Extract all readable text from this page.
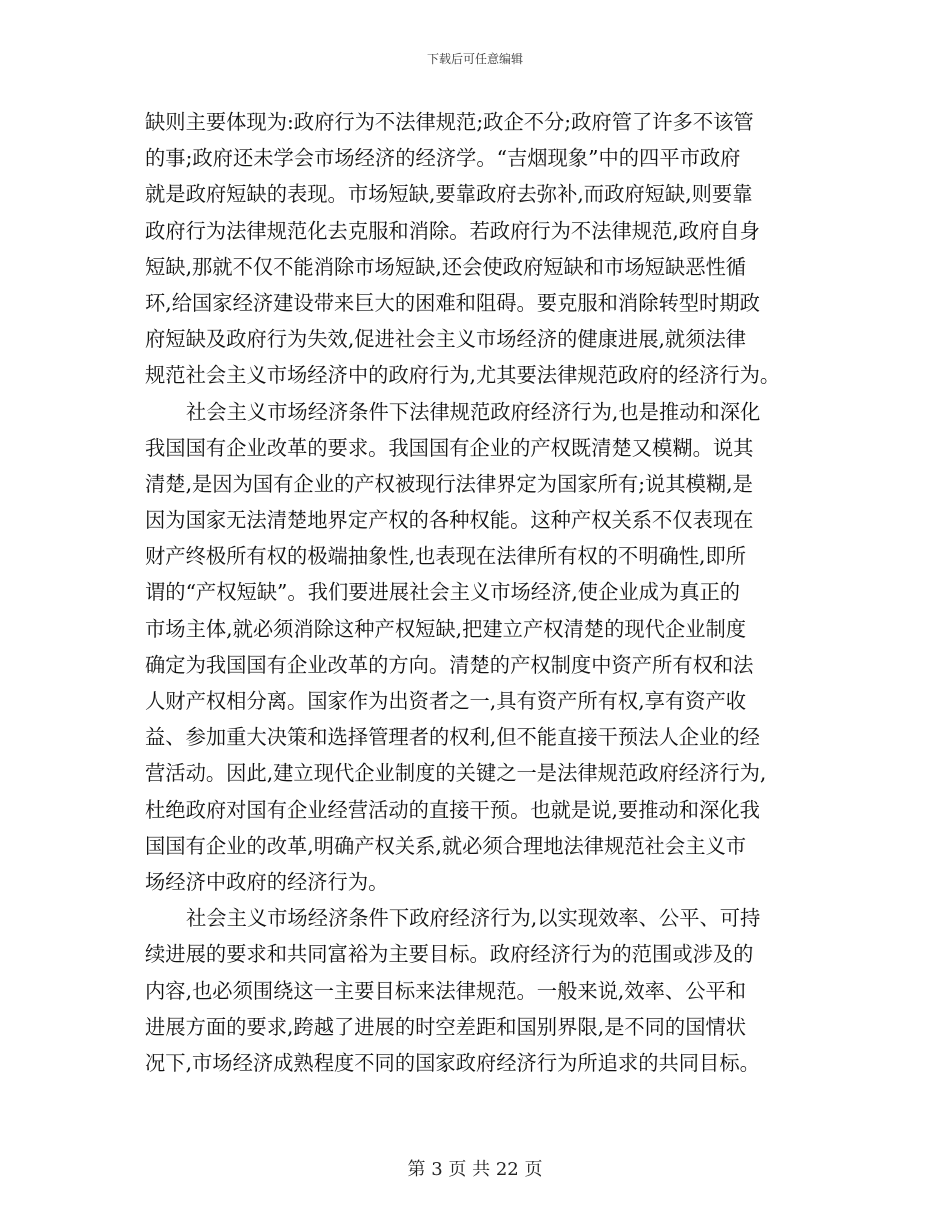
下载后可任意编辑
缺则主要体现为:政府行为不法律规范;政企不分;政府管了许多不该管
的事;政府还未学会市场经济的经济学。“吉烟现象”中的四平市政府
就是政府短缺的表现。市场短缺,要靠政府去弥补,而政府短缺,则要靠
政府行为法律规范化去克服和消除。若政府行为不法律规范,政府自身
短缺,那就不仅不能消除市场短缺,还会使政府短缺和市场短缺恶性循
环,给国家经济建设带来巨大的困难和阻碍。要克服和消除转型时期政
府短缺及政府行为失效,促进社会主义市场经济的健康进展,就须法律
规范社会主义市场经济中的政府行为,尤其要法律规范政府的经济行为。
社会主义市场经济条件下法律规范政府经济行为,也是推动和深化
我国国有企业改革的要求。我国国有企业的产权既清楚又模糊。说其
清楚,是因为国有企业的产权被现行法律界定为国家所有;说其模糊,是
因为国家无法清楚地界定产权的各种权能。这种产权关系不仅表现在
财产终极所有权的极端抽象性,也表现在法律所有权的不明确性,即所
谓的“产权短缺”。我们要进展社会主义市场经济,使企业成为真正的
市场主体,就必须消除这种产权短缺,把建立产权清楚的现代企业制度
确定为我国国有企业改革的方向。清楚的产权制度中资产所有权和法
人财产权相分离。国家作为出资者之一,具有资产所有权,享有资产收
益、参加重大决策和选择管理者的权利,但不能直接干预法人企业的经
营活动。因此,建立现代企业制度的关键之一是法律规范政府经济行为,
杜绝政府对国有企业经营活动的直接干预。也就是说,要推动和深化我
国国有企业的改革,明确产权关系,就必须合理地法律规范社会主义市
场经济中政府的经济行为。
社会主义市场经济条件下政府经济行为,以实现效率、公平、可持
续进展的要求和共同富裕为主要目标。政府经济行为的范围或涉及的
内容,也必须围绕这一主要目标来法律规范。一般来说,效率、公平和
进展方面的要求,跨越了进展的时空差距和国别界限,是不同的国情状
况下,市场经济成熟程度不同的国家政府经济行为所追求的共同目标。
第 3 页 共 22 页
